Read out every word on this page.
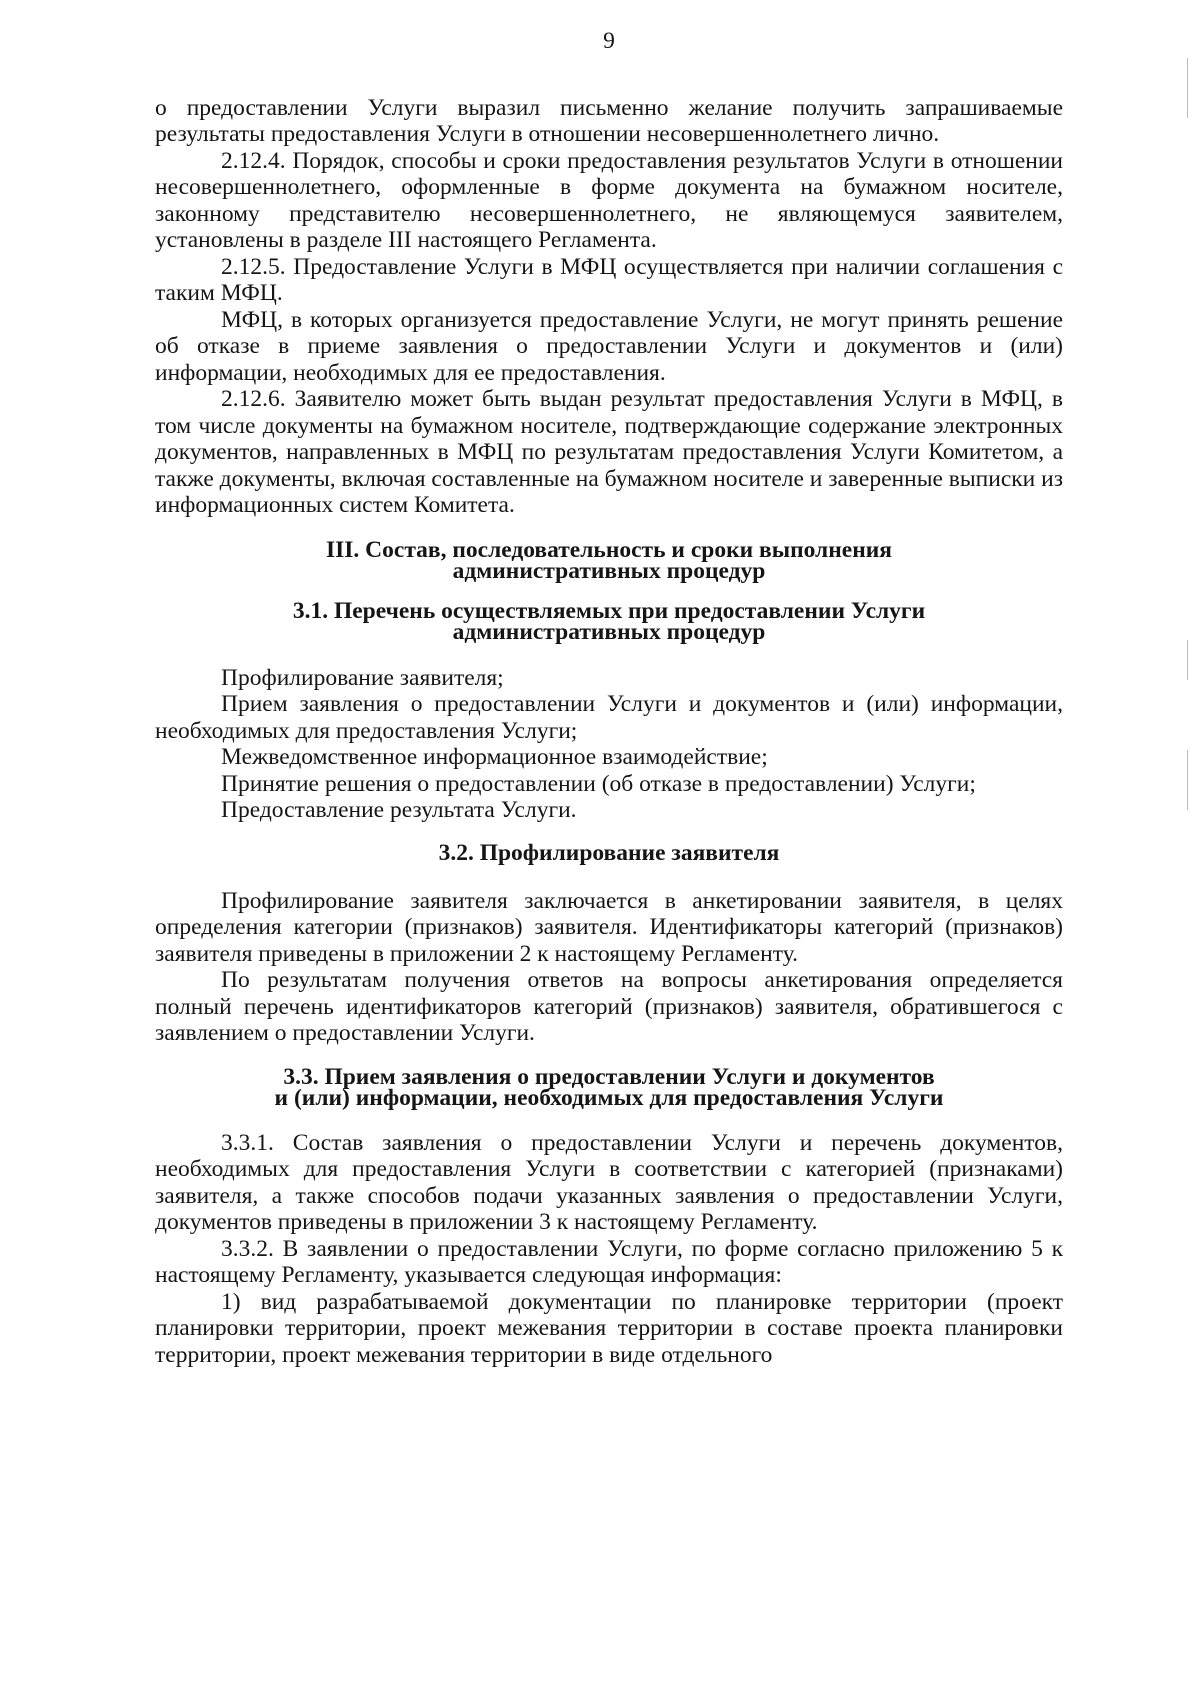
9

о предоставлении Услуги выразил письменно желание получить запрашиваемые результаты предоставления Услуги в отношении несовершеннолетнего лично.

2.12.4. Порядок, способы и сроки предоставления результатов Услуги в отношении несовершеннолетнего, оформленные в форме документа на бумажном носителе, законному представителю несовершеннолетнего, не являющемуся заявителем, установлены в разделе III настоящего Регламента.

2.12.5. Предоставление Услуги в МФЦ осуществляется при наличии соглашения с таким МФЦ.

МФЦ, в которых организуется предоставление Услуги, не могут принять решение об отказе в приеме заявления о предоставлении Услуги и документов и (или) информации, необходимых для ее предоставления.

2.12.6. Заявителю может быть выдан результат предоставления Услуги в МФЦ, в том числе документы на бумажном носителе, подтверждающие содержание электронных документов, направленных в МФЦ по результатам предоставления Услуги Комитетом, а также документы, включая составленные на бумажном носителе и заверенные выписки из информационных систем Комитета.

III. Состав, последовательность и сроки выполнения

административных процедур

3.1. Перечень осуществляемых при предоставлении Услуги

административных процедур

Профилирование заявителя;

Прием заявления о предоставлении Услуги и документов и (или) информации, необходимых для предоставления Услуги;

Межведомственное информационное взаимодействие;

Принятие решения о предоставлении (об отказе в предоставлении) Услуги;

Предоставление результата Услуги.

3.2. Профилирование заявителя

Профилирование заявителя заключается в анкетировании заявителя, в целях определения категории (признаков) заявителя. Идентификаторы категорий (признаков) заявителя приведены в приложении 2 к настоящему Регламенту.

По результатам получения ответов на вопросы анкетирования определяется полный перечень идентификаторов категорий (признаков) заявителя, обратившегося с заявлением о предоставлении Услуги.

3.3. Прием заявления о предоставлении Услуги и документов

и (или) информации, необходимых для предоставления Услуги

3.3.1. Состав заявления о предоставлении Услуги и перечень документов, необходимых для предоставления Услуги в соответствии с категорией (признаками) заявителя, а также способов подачи указанных заявления о предоставлении Услуги, документов приведены в приложении 3 к настоящему Регламенту.

3.3.2. В заявлении о предоставлении Услуги, по форме согласно приложению 5 к настоящему Регламенту, указывается следующая информация:

1) вид разрабатываемой документации по планировке территории (проект планировки территории, проект межевания территории в составе проекта планировки территории, проект межевания территории в виде отдельного
